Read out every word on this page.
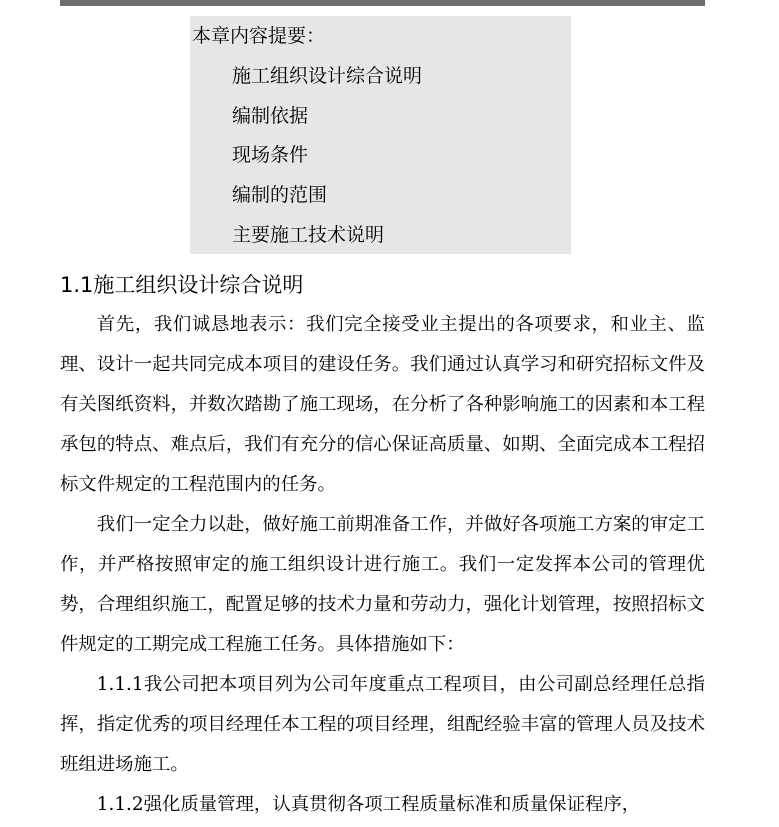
本章内容提要：
施工组织设计综合说明
编制依据
现场条件
编制的范围
主要施工技术说明
1.1施工组织设计综合说明

首先，我们诚恳地表示：我们完全接受业主提出的各项要求，和业主、监理、设计一起共同完成本项目的建设任务。我们通过认真学习和研究招标文件及有关图纸资料，并数次踏勘了施工现场，在分析了各种影响施工的因素和本工程承包的特点、难点后，我们有充分的信心保证高质量、如期、全面完成本工程招标文件规定的工程范围内的任务。

我们一定全力以赴，做好施工前期准备工作，并做好各项施工方案的审定工作，并严格按照审定的施工组织设计进行施工。我们一定发挥本公司的管理优势，合理组织施工，配置足够的技术力量和劳动力，强化计划管理，按照招标文件规定的工期完成工程施工任务。具体措施如下：

1.1.1我公司把本项目列为公司年度重点工程项目，由公司副总经理任总指挥，指定优秀的项目经理任本工程的项目经理，组配经验丰富的管理人员及技术班组进场施工。

1.1.2强化质量管理，认真贯彻各项工程质量标准和质量保证程序，
